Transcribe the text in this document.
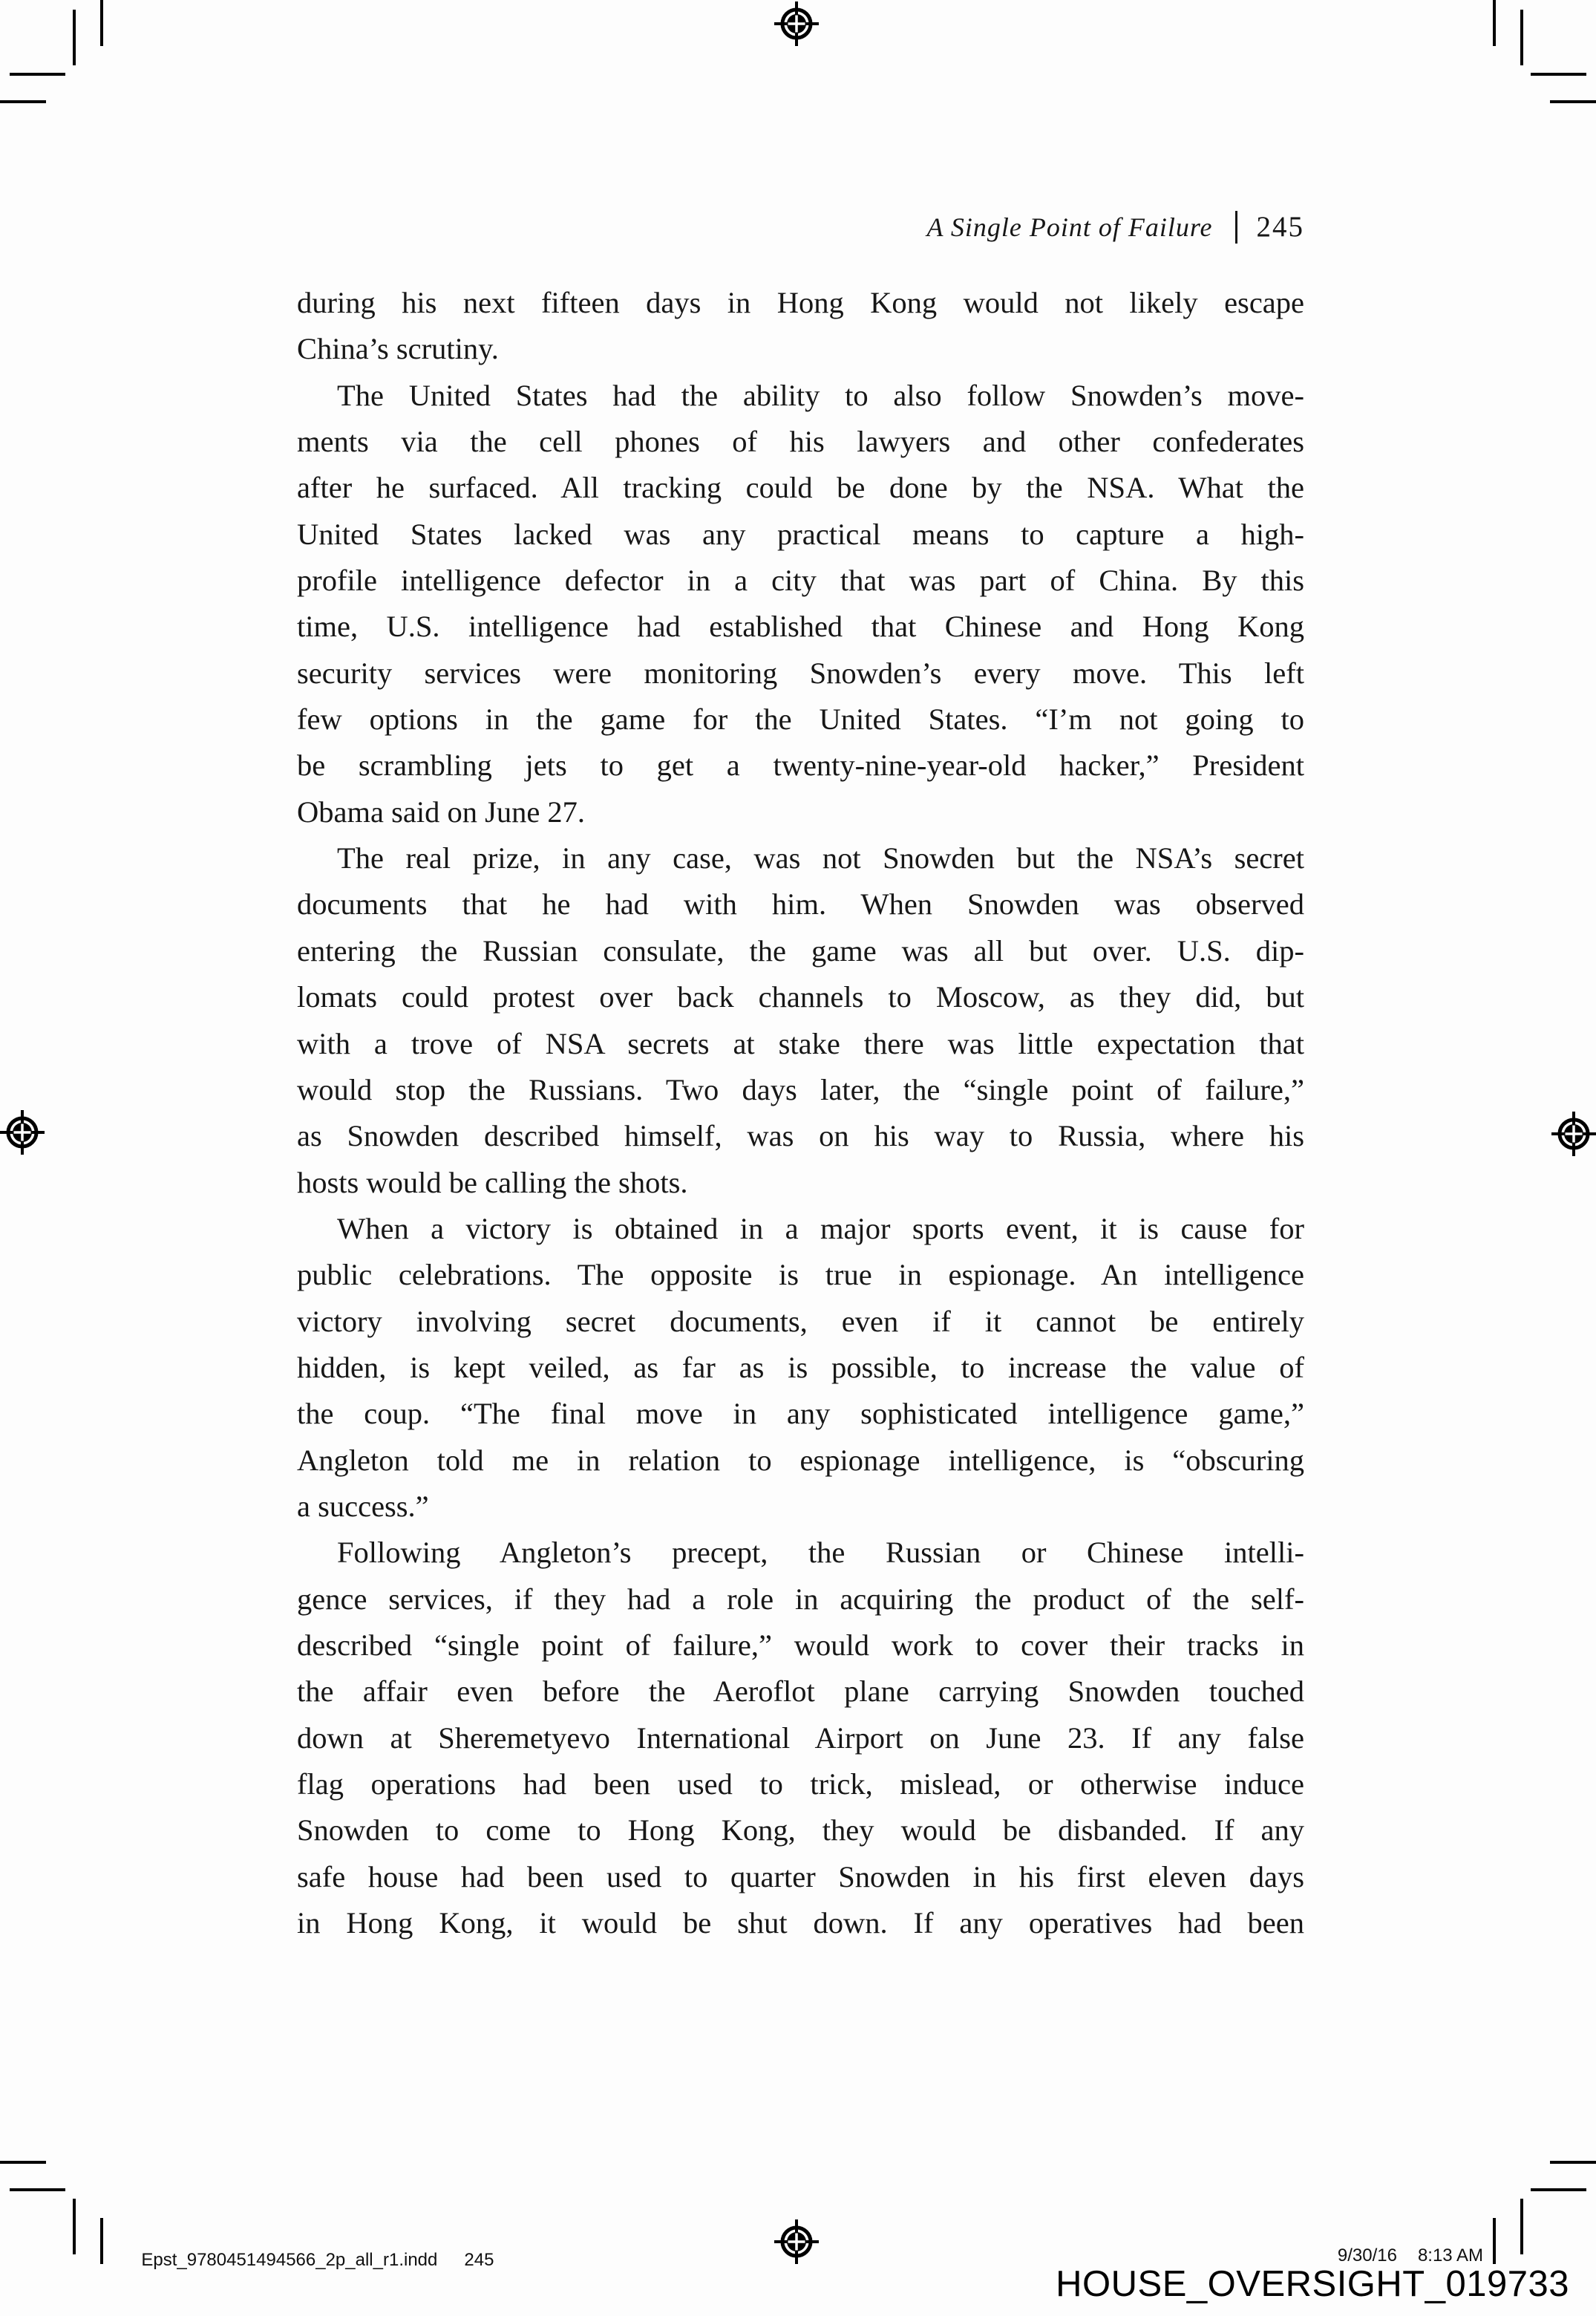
A Single Point of Failure 245
during his next fifteen days in Hong Kong would not likely escape
China’s scrutiny.
The United States had the ability to also follow Snowden’s move-
ments via the cell phones of his lawyers and other confederates
after he surfaced. All tracking could be done by the NSA. What the
United States lacked was any practical means to capture a high-
profile intelligence defector in a city that was part of China. By this
time, U.S. intelligence had established that Chinese and Hong Kong
security services were monitoring Snowden’s every move. This left
few options in the game for the United States. “I’m not going to
be scrambling jets to get a twenty-nine-year-old hacker,” President
Obama said on June 27.
The real prize, in any case, was not Snowden but the NSA’s secret
documents that he had with him. When Snowden was observed
entering the Russian consulate, the game was all but over. U.S. dip-
lomats could protest over back channels to Moscow, as they did, but
with a trove of NSA secrets at stake there was little expectation that
would stop the Russians. Two days later, the “single point of failure,”
as Snowden described himself, was on his way to Russia, where his
hosts would be calling the shots.
When a victory is obtained in a major sports event, it is cause for
public celebrations. The opposite is true in espionage. An intelligence
victory involving secret documents, even if it cannot be entirely
hidden, is kept veiled, as far as is possible, to increase the value of
the coup. “The final move in any sophisticated intelligence game,”
Angleton told me in relation to espionage intelligence, is “obscuring
a success.”
Following Angleton’s precept, the Russian or Chinese intelli-
gence services, if they had a role in acquiring the product of the self-
described “single point of failure,” would work to cover their tracks in
the affair even before the Aeroflot plane carrying Snowden touched
down at Sheremetyevo International Airport on June 23. If any false
flag operations had been used to trick, mislead, or otherwise induce
Snowden to come to Hong Kong, they would be disbanded. If any
safe house had been used to quarter Snowden in his first eleven days
in Hong Kong, it would be shut down. If any operatives had been

Epst_9780451494566_2p_all_r1.indd 245	9/30/16 8:13 AM

HOUSE_OVERSIGHT_019733
